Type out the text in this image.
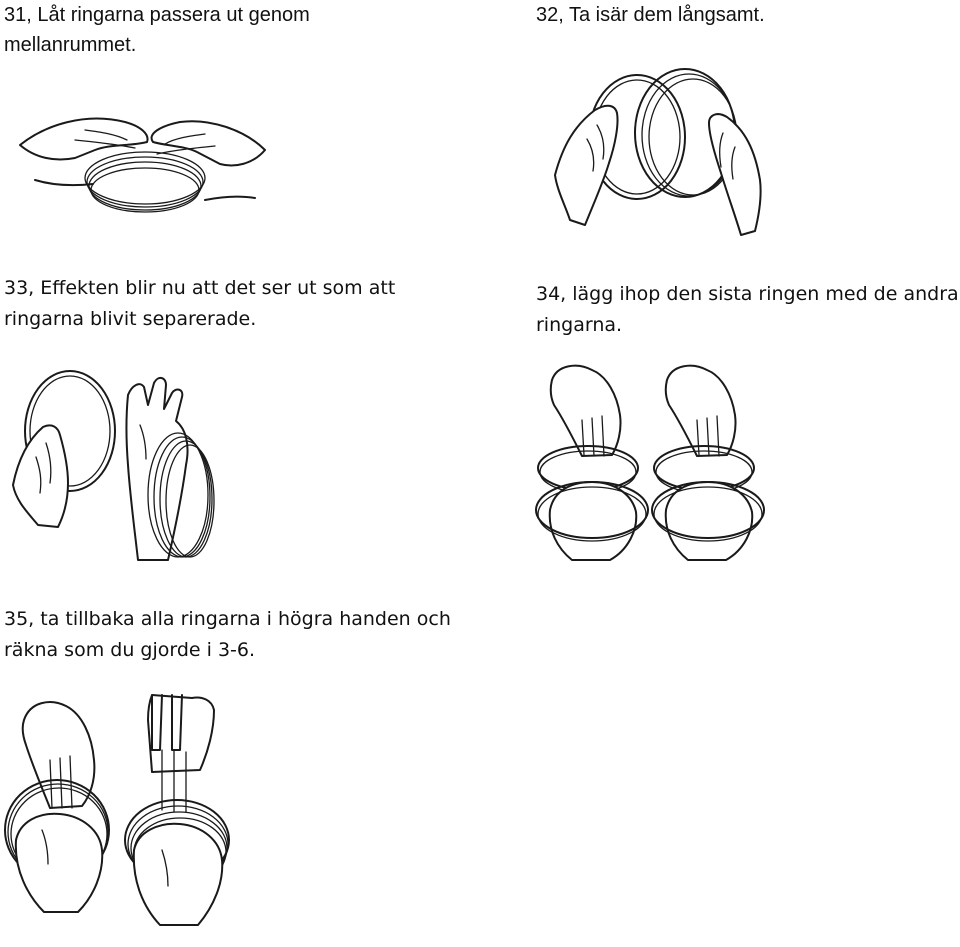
31, Låt ringarna passera ut genom
mellanrummet.

32, Ta isär dem långsamt.

33, Effekten blir nu att det ser ut som att
ringarna blivit separerade.

34, lägg ihop den sista ringen med de andra
ringarna.

35, ta tillbaka alla ringarna i högra handen och
räkna som du gjorde i 3-6.
